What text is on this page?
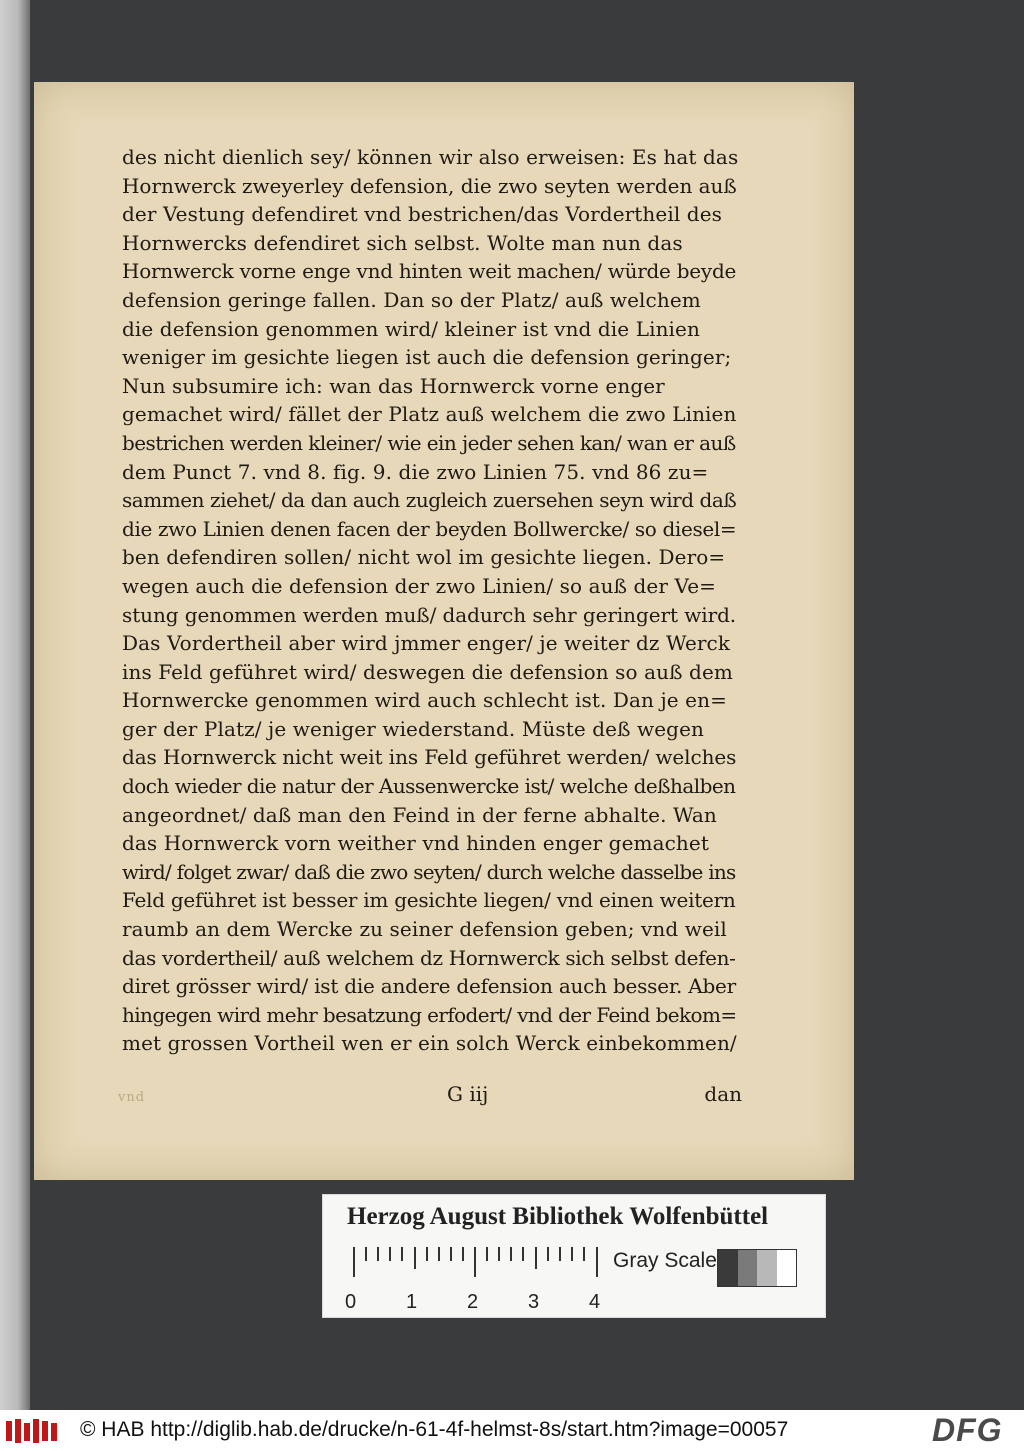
des nicht dienlich sey/ können wir also erweisen: Es hat das
Hornwerck zweyerley defension, die zwo seyten werden auß
der Vestung defendiret vnd bestrichen/das Vordertheil des
Hornwercks defendiret sich selbst. Wolte man nun das
Hornwerck vorne enge vnd hinten weit machen/ würde beyde
defension geringe fallen. Dan so der Platz/ auß welchem
die defension genommen wird/ kleiner ist vnd die Linien
weniger im gesichte liegen ist auch die defension geringer;
Nun subsumire ich: wan das Hornwerck vorne enger
gemachet wird/ fället der Platz auß welchem die zwo Linien
bestrichen werden kleiner/ wie ein jeder sehen kan/ wan er auß
dem Punct 7. vnd 8. fig. 9. die zwo Linien 75. vnd 86 zu=
sammen ziehet/ da dan auch zugleich zuersehen seyn wird daß
die zwo Linien denen facen der beyden Bollwercke/ so diesel=
ben defendiren sollen/ nicht wol im gesichte liegen. Dero=
wegen auch die defension der zwo Linien/ so auß der Ve=
stung genommen werden muß/ dadurch sehr geringert wird.
Das Vordertheil aber wird jmmer enger/ je weiter dz Werck
ins Feld geführet wird/ deswegen die defension so auß dem
Hornwercke genommen wird auch schlecht ist. Dan je en=
ger der Platz/ je weniger wiederstand. Müste deß wegen
das Hornwerck nicht weit ins Feld geführet werden/ welches
doch wieder die natur der Aussenwercke ist/ welche deßhalben
angeordnet/ daß man den Feind in der ferne abhalte. Wan
das Hornwerck vorn weither vnd hinden enger gemachet
wird/ folget zwar/ daß die zwo seyten/ durch welche dasselbe ins
Feld geführet ist besser im gesichte liegen/ vnd einen weitern
raumb an dem Wercke zu seiner defension geben; vnd weil
das vordertheil/ auß welchem dz Hornwerck sich selbst defen-
diret grösser wird/ ist die andere defension auch besser. Aber
hingegen wird mehr besatzung erfodert/ vnd der Feind bekom=
met grossen Vortheil wen er ein solch Werck einbekommen/
vnd	G iij	dan
Herzog August Bibliothek Wolfenbüttel
0 1 2 3 4
Gray Scale
© HAB http://diglib.hab.de/drucke/n-61-4f-helmst-8s/start.htm?image=00057	DFG
